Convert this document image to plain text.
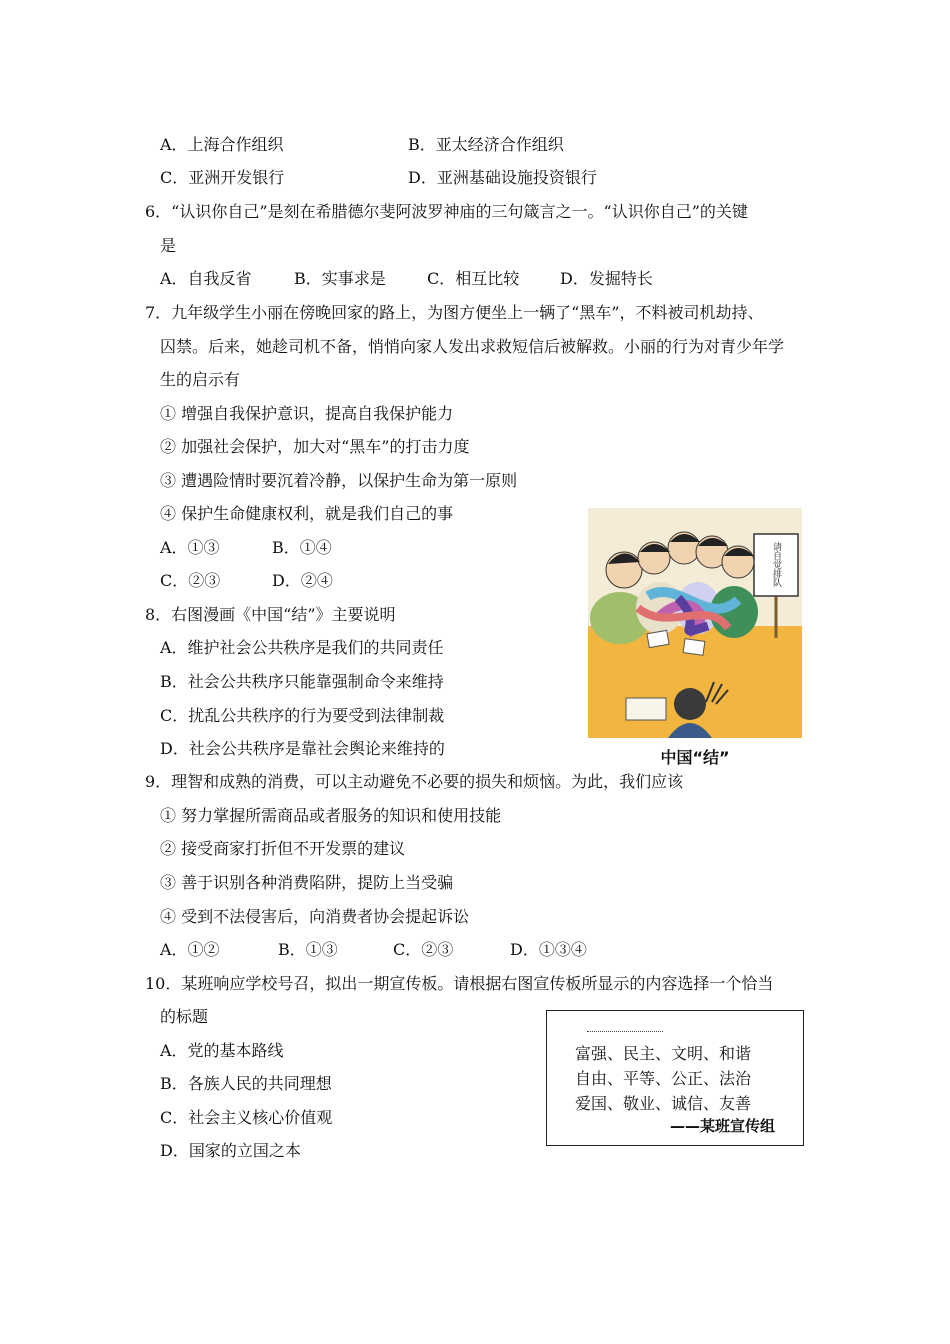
A．上海合作组织	B．亚太经济合作组织
C．亚洲开发银行	D．亚洲基础设施投资银行
6．“认识你自己”是刻在希腊德尔斐阿波罗神庙的三句箴言之一。“认识你自己”的关键
是
A．自我反省	B．实事求是	C．相互比较	D．发掘特长
7．九年级学生小丽在傍晚回家的路上，为图方便坐上一辆了“黑车”，不料被司机劫持、
囚禁。后来，她趁司机不备，悄悄向家人发出求救短信后被解救。小丽的行为对青少年学
生的启示有
① 增强自我保护意识，提高自我保护能力
② 加强社会保护，加大对“黑车”的打击力度
③ 遭遇险情时要沉着冷静，以保护生命为第一原则
④ 保护生命健康权利，就是我们自己的事
A．①③	B．①④
C．②③	D．②④
8．右图漫画《中国“结”》主要说明
A．维护社会公共秩序是我们的共同责任
B．社会公共秩序只能靠强制命令来维持
C．扰乱公共秩序的行为要受到法律制裁
D．社会公共秩序是靠社会舆论来维持的
请自觉排队
中国“结”
9．理智和成熟的消费，可以主动避免不必要的损失和烦恼。为此，我们应该
① 努力掌握所需商品或者服务的知识和使用技能
② 接受商家打折但不开发票的建议
③ 善于识别各种消费陷阱，提防上当受骗
④ 受到不法侵害后，向消费者协会提起诉讼
A．①②	B．①③	C．②③	D．①③④
10．某班响应学校号召，拟出一期宣传板。请根据右图宣传板所显示的内容选择一个恰当
的标题
A．党的基本路线
B．各族人民的共同理想
C．社会主义核心价值观
D．国家的立国之本
富强、民主、文明、和谐
自由、平等、公正、法治
爱国、敬业、诚信、友善
——某班宣传组
